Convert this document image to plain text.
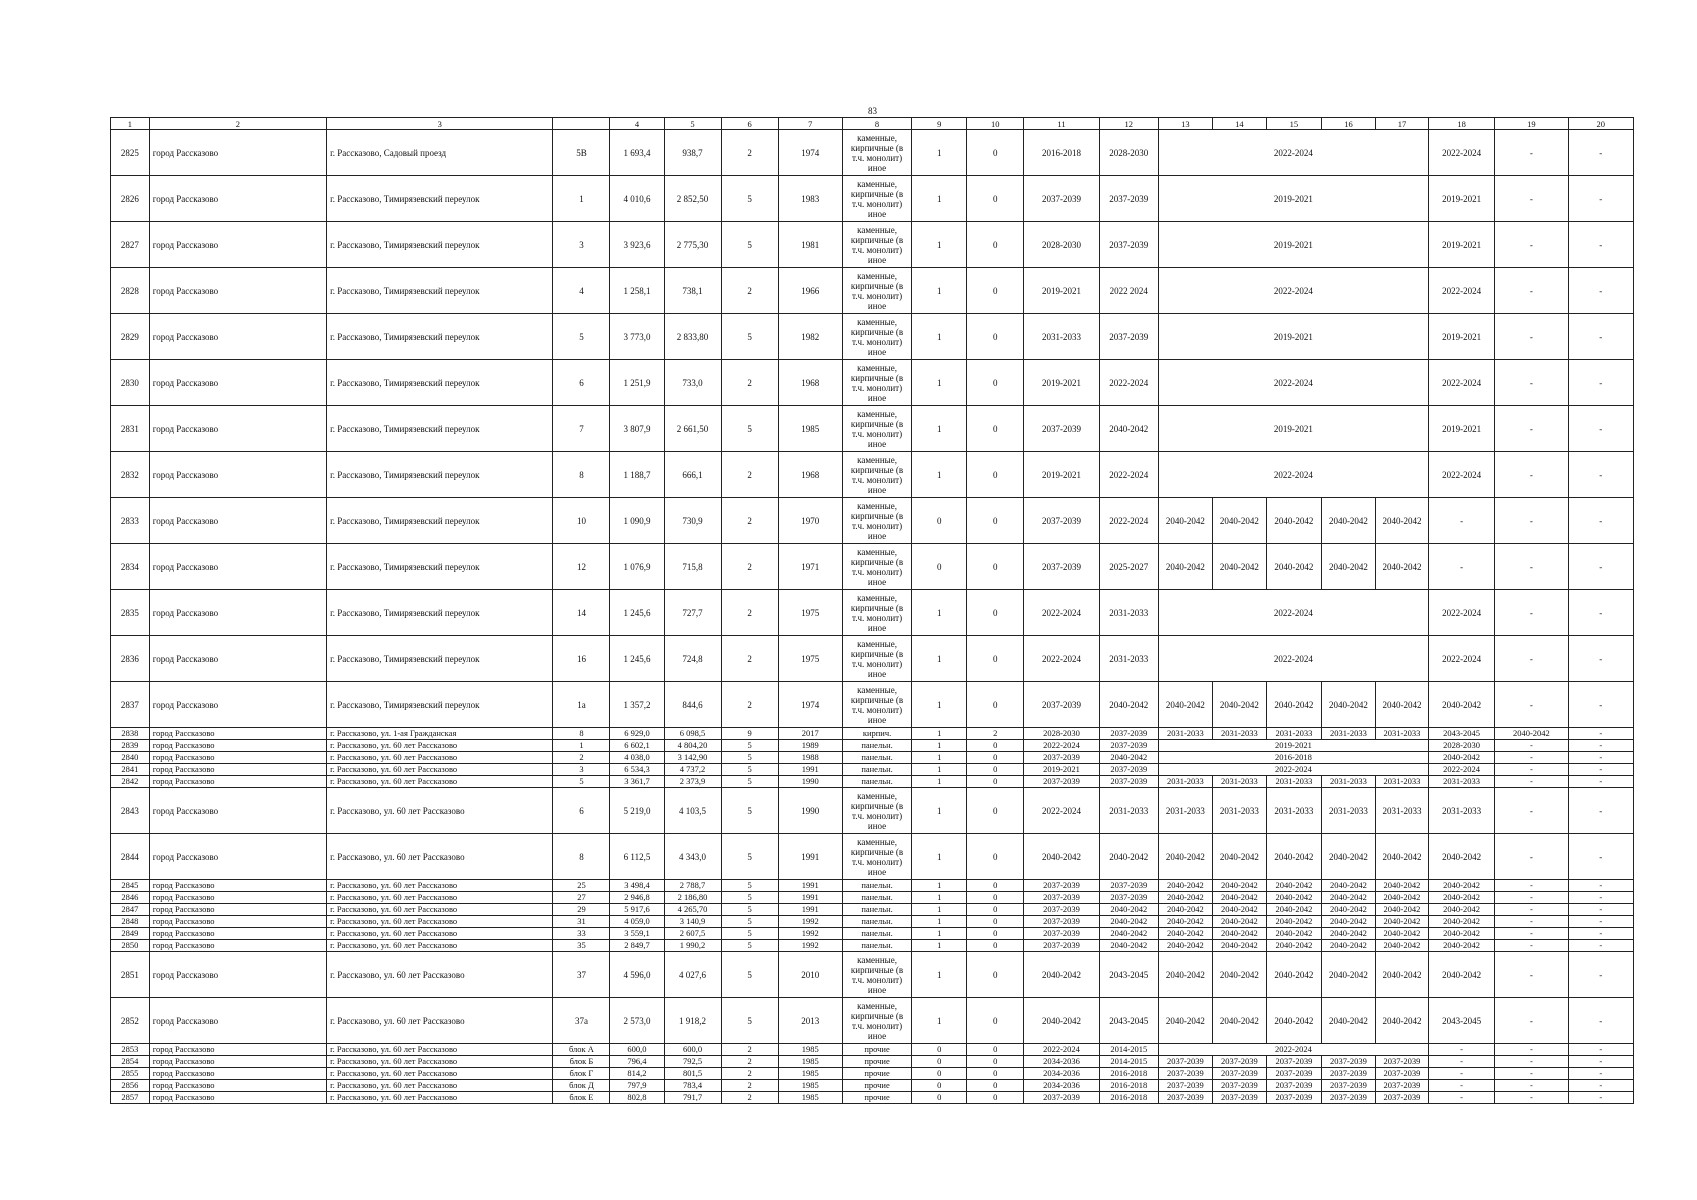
83
1	2	3		4	5	6	7	8	9	10	11	12	13	14	15	16	17	18	19	20
2825	город Рассказово	г. Рассказово, Садовый проезд	5В	1 693,4	938,7	2	1974	каменные, кирпичные (в т.ч. монолит) иное	1	0	2016-2018	2028-2030	2022-2024					2022-2024	-	-
2826	город Рассказово	г. Рассказово, Тимирязевский переулок	1	4 010,6	2 852,50	5	1983	каменные, кирпичные (в т.ч. монолит) иное	1	0	2037-2039	2037-2039	2019-2021					2019-2021	-	-
2827	город Рассказово	г. Рассказово, Тимирязевский переулок	3	3 923,6	2 775,30	5	1981	каменные, кирпичные (в т.ч. монолит) иное	1	0	2028-2030	2037-2039	2019-2021					2019-2021	-	-
2828	город Рассказово	г. Рассказово, Тимирязевский переулок	4	1 258,1	738,1	2	1966	каменные, кирпичные (в т.ч. монолит) иное	1	0	2019-2021	2022 2024	2022-2024					2022-2024	-	-
2829	город Рассказово	г. Рассказово, Тимирязевский переулок	5	3 773,0	2 833,80	5	1982	каменные, кирпичные (в т.ч. монолит) иное	1	0	2031-2033	2037-2039	2019-2021					2019-2021	-	-
2830	город Рассказово	г. Рассказово, Тимирязевский переулок	6	1 251,9	733,0	2	1968	каменные, кирпичные (в т.ч. монолит) иное	1	0	2019-2021	2022-2024	2022-2024					2022-2024	-	-
2831	город Рассказово	г. Рассказово, Тимирязевский переулок	7	3 807,9	2 661,50	5	1985	каменные, кирпичные (в т.ч. монолит) иное	1	0	2037-2039	2040-2042	2019-2021					2019-2021	-	-
2832	город Рассказово	г. Рассказово, Тимирязевский переулок	8	1 188,7	666,1	2	1968	каменные, кирпичные (в т.ч. монолит) иное	1	0	2019-2021	2022-2024	2022-2024					2022-2024	-	-
2833	город Рассказово	г. Рассказово, Тимирязевский переулок	10	1 090,9	730,9	2	1970	каменные, кирпичные (в т.ч. монолит) иное	0	0	2037-2039	2022-2024	2040-2042	2040-2042	2040-2042	2040-2042	2040-2042	-	-	-
2834	город Рассказово	г. Рассказово, Тимирязевский переулок	12	1 076,9	715,8	2	1971	каменные, кирпичные (в т.ч. монолит) иное	0	0	2037-2039	2025-2027	2040-2042	2040-2042	2040-2042	2040-2042	2040-2042	-	-	-
2835	город Рассказово	г. Рассказово, Тимирязевский переулок	14	1 245,6	727,7	2	1975	каменные, кирпичные (в т.ч. монолит) иное	1	0	2022-2024	2031-2033	2022-2024					2022-2024	-	-
2836	город Рассказово	г. Рассказово, Тимирязевский переулок	16	1 245,6	724,8	2	1975	каменные, кирпичные (в т.ч. монолит) иное	1	0	2022-2024	2031-2033	2022-2024					2022-2024	-	-
2837	город Рассказово	г. Рассказово, Тимирязевский переулок	1а	1 357,2	844,6	2	1974	каменные, кирпичные (в т.ч. монолит) иное	1	0	2037-2039	2040-2042	2040-2042	2040-2042	2040-2042	2040-2042	2040-2042	2040-2042	-	-
2838	город Рассказово	г. Рассказово, ул. 1-ая Гражданская	8	6 929,0	6 098,5	9	2017	кирпич.	1	2	2028-2030	2037-2039	2031-2033	2031-2033	2031-2033	2031-2033	2031-2033	2043-2045	2040-2042	-
2839	город Рассказово	г. Рассказово, ул. 60 лет Рассказово	1	6 602,1	4 804,20	5	1989	панельн.	1	0	2022-2024	2037-2039	2019-2021					2028-2030	-	-
2840	город Рассказово	г. Рассказово, ул. 60 лет Рассказово	2	4 038,0	3 142,90	5	1988	панельн.	1	0	2037-2039	2040-2042	2016-2018					2040-2042	-	-
2841	город Рассказово	г. Рассказово, ул. 60 лет Рассказово	3	6 534,3	4 737,2	5	1991	панельн.	1	0	2019-2021	2037-2039	2022-2024					2022-2024	-	-
2842	город Рассказово	г. Рассказово, ул. 60 лет Рассказово	5	3 361,7	2 373,9	5	1990	панельн.	1	0	2037-2039	2037-2039	2031-2033	2031-2033	2031-2033	2031-2033	2031-2033	2031-2033	-	-
2843	город Рассказово	г. Рассказово, ул. 60 лет Рассказово	6	5 219,0	4 103,5	5	1990	каменные, кирпичные (в т.ч. монолит) иное	1	0	2022-2024	2031-2033	2031-2033	2031-2033	2031-2033	2031-2033	2031-2033	2031-2033	-	-
2844	город Рассказово	г. Рассказово, ул. 60 лет Рассказово	8	6 112,5	4 343,0	5	1991	каменные, кирпичные (в т.ч. монолит) иное	1	0	2040-2042	2040-2042	2040-2042	2040-2042	2040-2042	2040-2042	2040-2042	2040-2042	-	-
2845	город Рассказово	г. Рассказово, ул. 60 лет Рассказово	25	3 498,4	2 788,7	5	1991	панельн.	1	0	2037-2039	2037-2039	2040-2042	2040-2042	2040-2042	2040-2042	2040-2042	2040-2042	-	-
2846	город Рассказово	г. Рассказово, ул. 60 лет Рассказово	27	2 946,8	2 186,80	5	1991	панельн.	1	0	2037-2039	2037-2039	2040-2042	2040-2042	2040-2042	2040-2042	2040-2042	2040-2042	-	-
2847	город Рассказово	г. Рассказово, ул. 60 лет Рассказово	29	5 917,6	4 265,70	5	1991	панельн.	1	0	2037-2039	2040-2042	2040-2042	2040-2042	2040-2042	2040-2042	2040-2042	2040-2042	-	-
2848	город Рассказово	г. Рассказово, ул. 60 лет Рассказово	31	4 059,0	3 140,9	5	1992	панельн.	1	0	2037-2039	2040-2042	2040-2042	2040-2042	2040-2042	2040-2042	2040-2042	2040-2042	-	-
2849	город Рассказово	г. Рассказово, ул. 60 лет Рассказово	33	3 559,1	2 607,5	5	1992	панельн.	1	0	2037-2039	2040-2042	2040-2042	2040-2042	2040-2042	2040-2042	2040-2042	2040-2042	-	-
2850	город Рассказово	г. Рассказово, ул. 60 лет Рассказово	35	2 849,7	1 990,2	5	1992	панельн.	1	0	2037-2039	2040-2042	2040-2042	2040-2042	2040-2042	2040-2042	2040-2042	2040-2042	-	-
2851	город Рассказово	г. Рассказово, ул. 60 лет Рассказово	37	4 596,0	4 027,6	5	2010	каменные, кирпичные (в т.ч. монолит) иное	1	0	2040-2042	2043-2045	2040-2042	2040-2042	2040-2042	2040-2042	2040-2042	2040-2042	-	-
2852	город Рассказово	г. Рассказово, ул. 60 лет Рассказово	37а	2 573,0	1 918,2	5	2013	каменные, кирпичные (в т.ч. монолит) иное	1	0	2040-2042	2043-2045	2040-2042	2040-2042	2040-2042	2040-2042	2040-2042	2043-2045	-	-
2853	город Рассказово	г. Рассказово, ул. 60 лет Рассказово	блок А	600,0	600,0	2	1985	прочие	0	0	2022-2024	2014-2015	2022-2024					-	-	-
2854	город Рассказово	г. Рассказово, ул. 60 лет Рассказово	блок Б	796,4	792,5	2	1985	прочие	0	0	2034-2036	2014-2015	2037-2039	2037-2039	2037-2039	2037-2039	2037-2039	-	-	-
2855	город Рассказово	г. Рассказово, ул. 60 лет Рассказово	блок Г	814,2	801,5	2	1985	прочие	0	0	2034-2036	2016-2018	2037-2039	2037-2039	2037-2039	2037-2039	2037-2039	-	-	-
2856	город Рассказово	г. Рассказово, ул. 60 лет Рассказово	блок Д	797,9	783,4	2	1985	прочие	0	0	2034-2036	2016-2018	2037-2039	2037-2039	2037-2039	2037-2039	2037-2039	-	-	-
2857	город Рассказово	г. Рассказово, ул. 60 лет Рассказово	блок Е	802,8	791,7	2	1985	прочие	0	0	2037-2039	2016-2018	2037-2039	2037-2039	2037-2039	2037-2039	2037-2039	-	-	-
